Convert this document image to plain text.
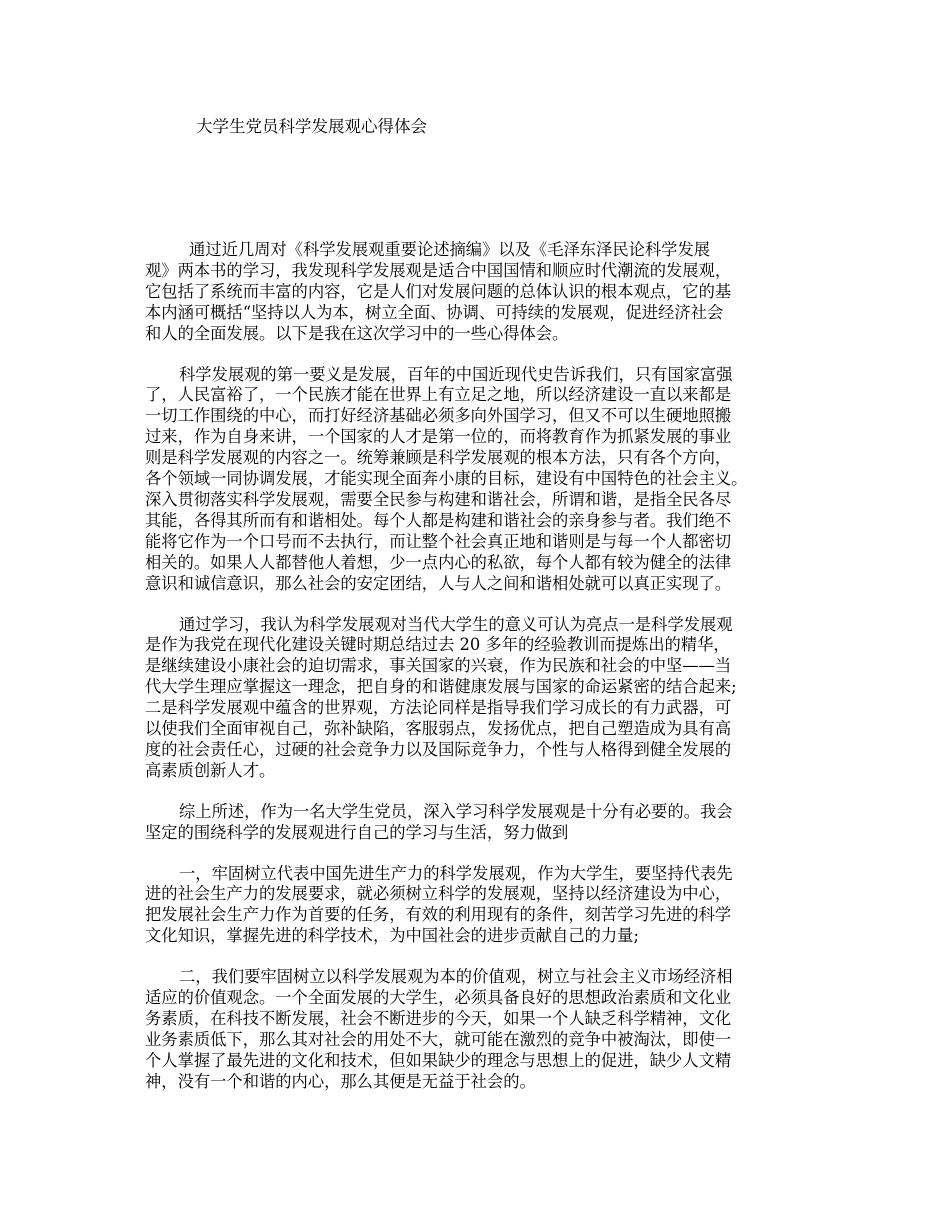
大学生党员科学发展观心得体会

通过近几周对《科学发展观重要论述摘编》以及《毛泽东泽民论科学发展
观》两本书的学习，我发现科学发展观是适合中国国情和顺应时代潮流的发展观，
它包括了系统而丰富的内容，它是人们对发展问题的总体认识的根本观点，它的基
本内涵可概括“坚持以人为本，树立全面、协调、可持续的发展观，促进经济社会
和人的全面发展。以下是我在这次学习中的一些心得体会。

科学发展观的第一要义是发展，百年的中国近现代史告诉我们，只有国家富强
了，人民富裕了，一个民族才能在世界上有立足之地，所以经济建设一直以来都是
一切工作围绕的中心，而打好经济基础必须多向外国学习，但又不可以生硬地照搬
过来，作为自身来讲，一个国家的人才是第一位的，而将教育作为抓紧发展的事业
则是科学发展观的内容之一。统筹兼顾是科学发展观的根本方法，只有各个方向，
各个领域一同协调发展，才能实现全面奔小康的目标，建设有中国特色的社会主义。
深入贯彻落实科学发展观，需要全民参与构建和谐社会，所谓和谐，是指全民各尽
其能，各得其所而有和谐相处。每个人都是构建和谐社会的亲身参与者。我们绝不
能将它作为一个口号而不去执行，而让整个社会真正地和谐则是与每一个人都密切
相关的。如果人人都替他人着想，少一点内心的私欲，每个人都有较为健全的法律
意识和诚信意识，那么社会的安定团结，人与人之间和谐相处就可以真正实现了。

通过学习，我认为科学发展观对当代大学生的意义可认为亮点一是科学发展观
是作为我党在现代化建设关键时期总结过去 20 多年的经验教训而提炼出的精华，
是继续建设小康社会的迫切需求，事关国家的兴衰，作为民族和社会的中坚——当
代大学生理应掌握这一理念，把自身的和谐健康发展与国家的命运紧密的结合起来;
二是科学发展观中蕴含的世界观，方法论同样是指导我们学习成长的有力武器，可
以使我们全面审视自己，弥补缺陷，客服弱点，发扬优点，把自己塑造成为具有高
度的社会责任心，过硬的社会竞争力以及国际竞争力，个性与人格得到健全发展的
高素质创新人才。

综上所述，作为一名大学生党员，深入学习科学发展观是十分有必要的。我会
坚定的围绕科学的发展观进行自己的学习与生活，努力做到

一，牢固树立代表中国先进生产力的科学发展观，作为大学生，要坚持代表先
进的社会生产力的发展要求，就必须树立科学的发展观，坚持以经济建设为中心，
把发展社会生产力作为首要的任务，有效的利用现有的条件，刻苦学习先进的科学
文化知识，掌握先进的科学技术，为中国社会的进步贡献自己的力量;

二，我们要牢固树立以科学发展观为本的价值观，树立与社会主义市场经济相
适应的价值观念。一个全面发展的大学生，必须具备良好的思想政治素质和文化业
务素质，在科技不断发展，社会不断进步的今天，如果一个人缺乏科学精神，文化
业务素质低下，那么其对社会的用处不大，就可能在激烈的竞争中被淘汰，即使一
个人掌握了最先进的文化和技术，但如果缺少的理念与思想上的促进，缺少人文精
神，没有一个和谐的内心，那么其便是无益于社会的。
